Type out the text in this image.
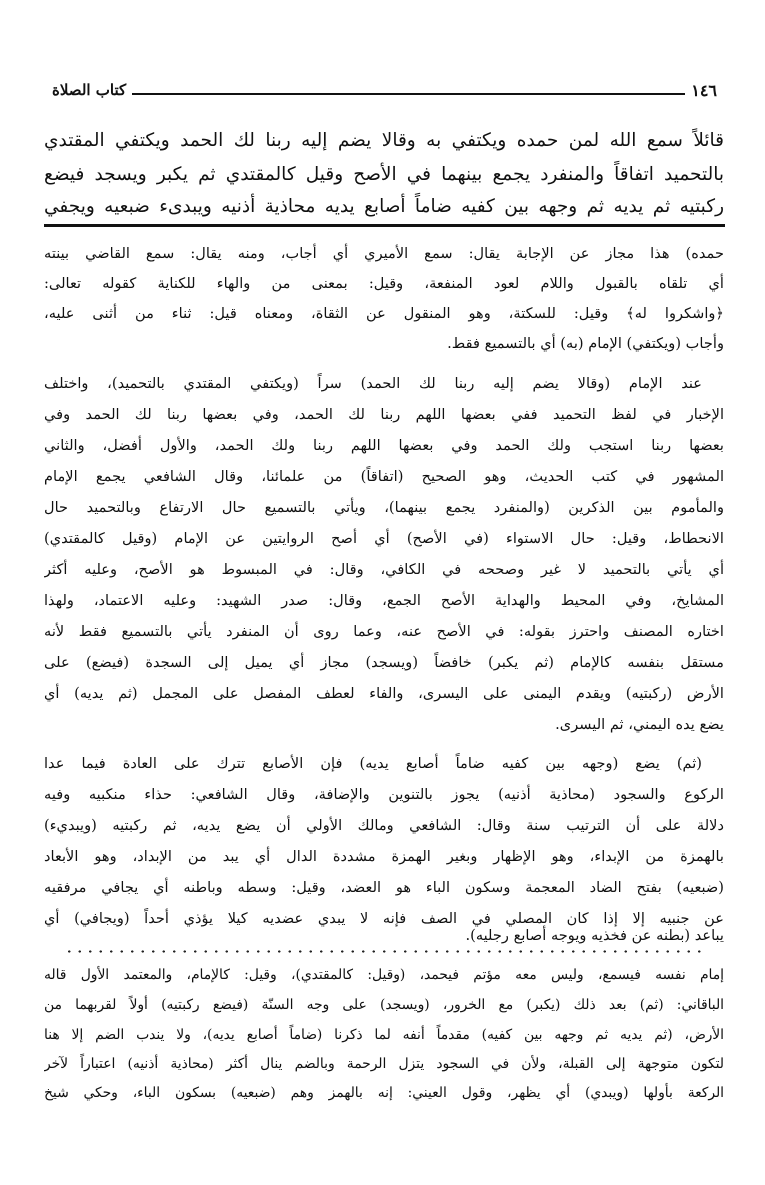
١٤٦
كتاب الصلاة
قائلاً سمع الله لمن حمده ويكتفي به وقالا يضم إليه ربنا لك الحمد ويكتفي المقتدي
بالتحميد اتفاقاً والمنفرد يجمع بينهما في الأصح وقيل كالمقتدي ثم يكبر ويسجد فيضع
ركبتيه ثم يديه ثم وجهه بين كفيه ضاماً أصابع يديه محاذية أذنيه ويبدىء ضبعيه ويجفي
حمده) هذا مجاز عن الإجابة يقال: سمع الأميري أي أجاب، ومنه يقال: سمع القاضي بينته
أي تلقاه بالقبول واللام لعود المنفعة، وقيل: بمعنى من والهاء للكناية كقوله تعالى:
﴿واشكروا له﴾ وقيل: للسكتة، وهو المنقول عن الثقاة، ومعناه قيل: ثناء من أثنى عليه،
وأجاب (ويكتفي) الإمام (به) أي بالتسميع فقط.
عند الإمام (وقالا يضم إليه ربنا لك الحمد) سراً (ويكتفي المقتدي بالتحميد)، واختلف
الإخبار في لفظ التحميد ففي بعضها اللهم ربنا لك الحمد، وفي بعضها ربنا لك الحمد وفي
بعضها ربنا استجب ولك الحمد وفي بعضها اللهم ربنا ولك الحمد، والأول أفضل، والثاني
المشهور في كتب الحديث، وهو الصحيح (اتفاقاً) من علمائنا، وقال الشافعي يجمع الإمام
والمأموم بين الذكرين (والمنفرد يجمع بينهما)، ويأتي بالتسميع حال الارتفاع وبالتحميد حال
الانحطاط، وقيل: حال الاستواء (في الأصح) أي أصح الروايتين عن الإمام (وقيل كالمقتدي)
أي يأتي بالتحميد لا غير وصححه في الكافي، وقال: في المبسوط هو الأصح، وعليه أكثر
المشايخ، وفي المحيط والهداية الأصح الجمع، وقال: صدر الشهيد: وعليه الاعتماد، ولهذا
اختاره المصنف واحترز بقوله: في الأصح عنه، وعما روى أن المنفرد يأتي بالتسميع فقط لأنه
مستقل بنفسه كالإمام (ثم يكبر) خافضاً (ويسجد) مجاز أي يميل إلى السجدة (فيضع) على
الأرض (ركبتيه) ويقدم اليمنى على اليسرى، والفاء لعطف المفصل على المجمل (ثم يديه) أي
يضع يده اليمني، ثم اليسرى.
(ثم) يضع (وجهه بين كفيه ضاماً أصابع يديه) فإن الأصابع تترك على العادة فيما عدا
الركوع والسجود (محاذية أذنيه) يجوز بالتنوين والإضافة، وقال الشافعي: حذاء منكبيه وفيه
دلالة على أن الترتيب سنة وقال: الشافعي ومالك الأولي أن يضع يديه، ثم ركبتيه (ويبديء)
بالهمزة من الإبداء، وهو الإظهار وبغير الهمزة مشددة الدال أي يبد من الإبداد، وهو الأبعاد
(ضبعيه) بفتح الضاد المعجمة وسكون الباء هو العضد، وقيل: وسطه وباطنه أي يجافي مرفقيه
عن جنبيه إلا إذا كان المصلي في الصف فإنه لا يبدي عضديه كيلا يؤذي أحداً (ويجافي) أي
يباعد (بطنه عن فخذيه ويوجه أصابع رجليه).
إمام نفسه فيسمع، وليس معه مؤتم فيحمد، (وقيل: كالمقتدي)، وقيل: كالإمام، والمعتمد الأول قاله
الباقاني: (ثم) بعد ذلك (يكبر) مع الخرور، (ويسجد) على وجه السنّة (فيضع ركبتيه) أولاً لقربهما من
الأرض، (ثم يديه ثم وجهه بين كفيه) مقدماً أنفه لما ذكرنا (ضاماً أصابع يديه)، ولا يندب الضم إلا هنا
لتكون متوجهة إلى القبلة، ولأن في السجود يتزل الرحمة وبالضم ينال أكثر (محاذية أذنيه) اعتباراً لآخر
الركعة بأولها (ويبدي) أي يظهر، وقول العيني: إنه بالهمز وهم (ضبعيه) بسكون الباء، وحكي شيخ
